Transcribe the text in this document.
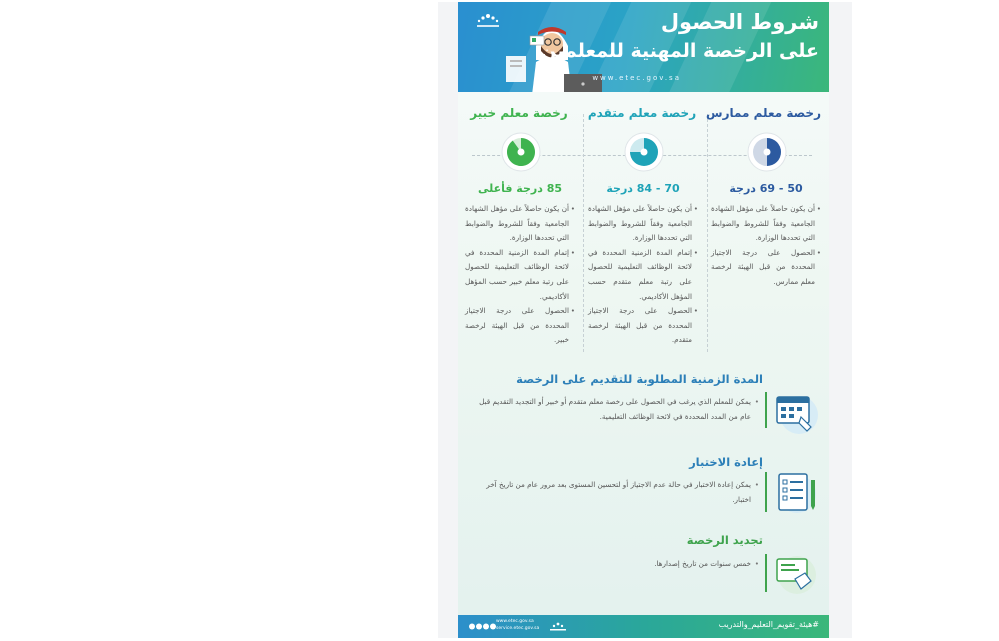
شروط الحصول
على الرخصة المهنية للمعلمين
www.etec.gov.sa
رخصة معلم ممارس
50 - 69 درجة
• أن يكون حاصلاً على مؤهل الشهادة الجامعية وفقاً للشروط والضوابط التي تحددها الوزارة.
• الحصول على درجة الاجتياز المحددة من قبل الهيئة لرخصة معلم ممارس.
رخصة معلم متقدم
70 - 84 درجة
• أن يكون حاصلاً على مؤهل الشهادة الجامعية وفقاً للشروط والضوابط التي تحددها الوزارة.
• إتمام المدة الزمنية المحددة في لائحة الوظائف التعليمية للحصول على رتبة معلم متقدم حسب المؤهل الأكاديمي.
• الحصول على درجة الاجتياز المحددة من قبل الهيئة لرخصة متقدم.
رخصة معلم خبير
85 درجة فأعلى
• أن يكون حاصلاً على مؤهل الشهادة الجامعية وفقاً للشروط والضوابط التي تحددها الوزارة.
• إتمام المدة الزمنية المحددة في لائحة الوظائف التعليمية للحصول على رتبة معلم خبير حسب المؤهل الأكاديمي.
• الحصول على درجة الاجتياز المحددة من قبل الهيئة لرخصة خبير.
المدة الزمنية المطلوبة للتقديم على الرخصة
•
يمكن للمعلم الذي يرغب في الحصول على رخصة معلم متقدم أو خبير أو التجديد التقديم قبل عام من المدد المحددة في لائحة الوظائف التعليمية.
إعادة الاختبار
•
يمكن إعادة الاختبار في حالة عدم الاجتياز أو لتحسين المستوى بعد مرور عام من تاريخ آخر اختبار.
تجديد الرخصة
•
خمس سنوات من تاريخ إصدارها.
www.etec.gov.sa
service.etec.gov.sa	#هيئة_تقويم_التعليم_والتدريب
